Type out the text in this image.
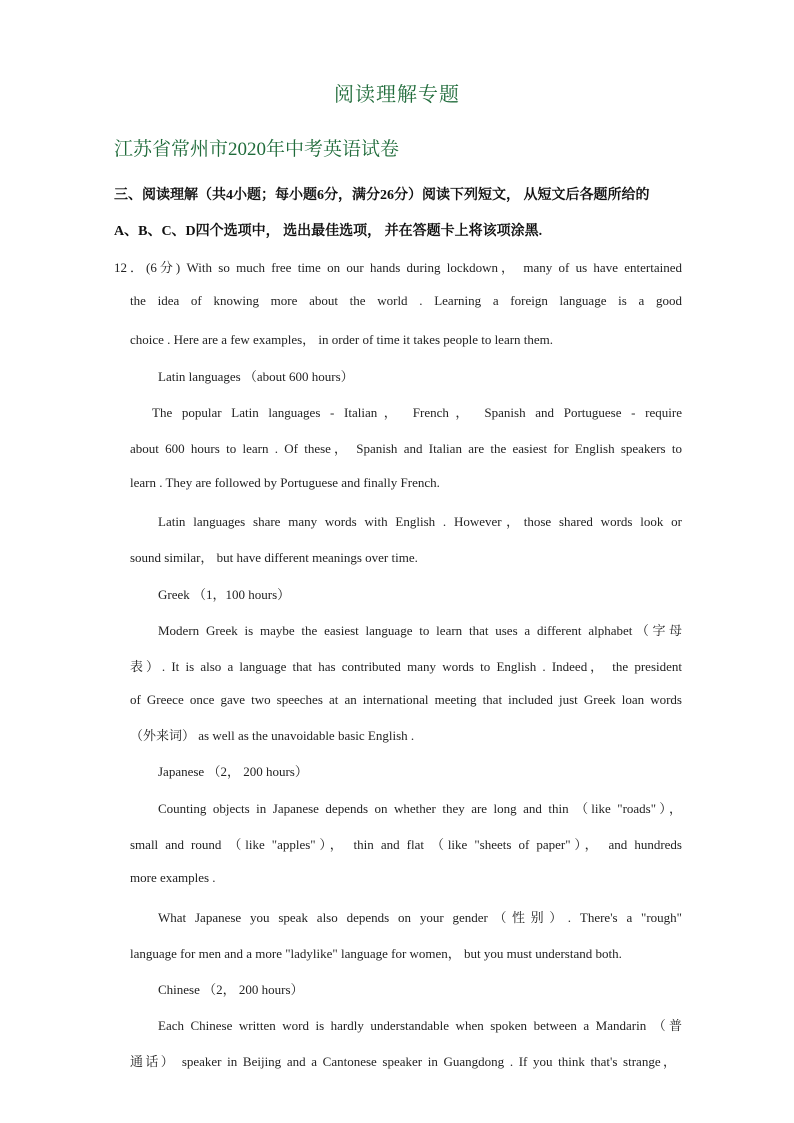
阅读理解专题
江苏省常州市2020年中考英语试卷
三、阅读理解（共4小题；每小题6分，满分26分）阅读下列短文， 从短文后各题所给的
A、B、C、D四个选项中， 选出最佳选项， 并在答题卡上将该项涂黑.
12．(6分) With so much free time on our hands during lockdown， many of us have entertained
the idea of knowing more about the world . Learning a foreign language is a good
choice . Here are a few examples， in order of time it takes people to learn them.
Latin languages （about 600 hours）
The popular Latin languages - Italian， French， Spanish and Portuguese - require
about 600 hours to learn . Of these， Spanish and Italian are the easiest for English speakers to
learn . They are followed by Portuguese and finally French.
Latin languages share many words with English . However，those shared words look or
sound similar， but have different meanings over time.
Greek （1，100 hours）
Modern Greek is maybe the easiest language to learn that uses a different alphabet（字母
表）. It is also a language that has contributed many words to English . Indeed， the president
of Greece once gave two speeches at an international meeting that included just Greek loan words
（外来词） as well as the unavoidable basic English .
Japanese （2， 200 hours）
Counting objects in Japanese depends on whether they are long and thin （like "roads"），
small and round （like "apples"）， thin and flat （like "sheets of paper"）， and hundreds
more examples .
What Japanese you speak also depends on your gender（性别）. There's a "rough"
language for men and a more "ladylike" language for women， but you must understand both.
Chinese （2， 200 hours）
Each Chinese written word is hardly understandable when spoken between a Mandarin （普
通话） speaker in Beijing and a Cantonese speaker in Guangdong . If you think that's strange，
